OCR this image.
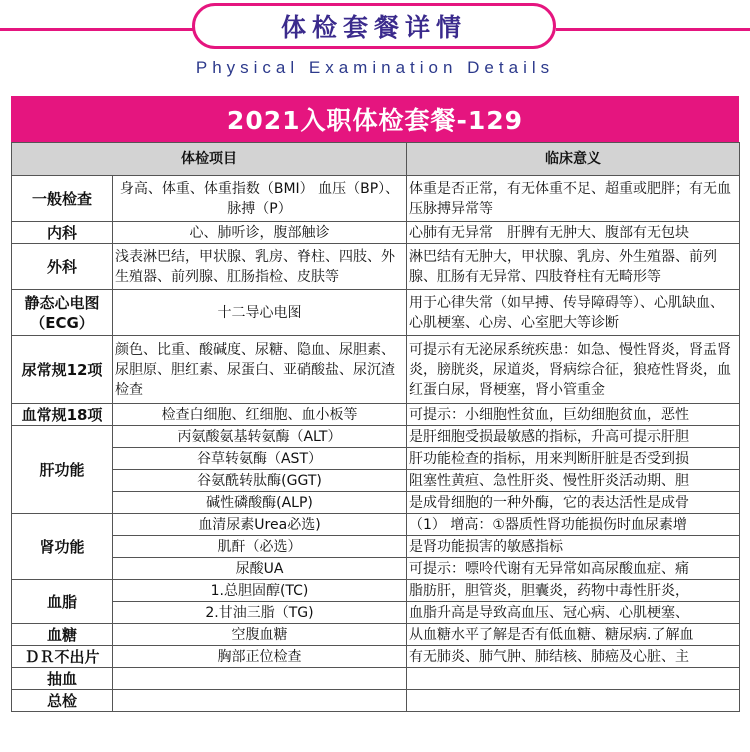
体检套餐详情
Physical Examination Details
2021入职体检套餐-129
体检项目		临床意义
一般检查	身高、体重、体重指数（BMI） 血压（BP）、脉搏（P）	体重是否正常，有无体重不足、超重或肥胖；有无血压脉搏异常等
内科	心、肺听诊，腹部触诊	心肺有无异常　肝脾有无肿大、腹部有无包块
外科	浅表淋巴结，甲状腺、乳房、脊柱、四肢、外生殖器、前列腺、肛肠指检、皮肤等	淋巴结有无肿大，甲状腺、乳房、外生殖器、前列腺、肛肠有无异常、四肢脊柱有无畸形等
静态心电图（ECG）	十二导心电图	用于心律失常（如早搏、传导障碍等）、心肌缺血、心肌梗塞、心房、心室肥大等诊断
尿常规12项	颜色、比重、酸碱度、尿糖、隐血、尿胆素、尿胆原、胆红素、尿蛋白、亚硝酸盐、尿沉渣检查	可提示有无泌尿系统疾患：如急、慢性肾炎，肾盂肾炎，膀胱炎，尿道炎，肾病综合征，狼疮性肾炎，血红蛋白尿，肾梗塞，肾小管重金
血常规18项	检查白细胞、红细胞、血小板等	可提示：小细胞性贫血，巨幼细胞贫血，恶性
肝功能	丙氨酸氨基转氨酶（ALT）	是肝细胞受损最敏感的指标，升高可提示肝胆
	谷草转氨酶（AST）	肝功能检查的指标，用来判断肝脏是否受到损
	谷氨酰转肽酶(GGT)	阻塞性黄疸、急性肝炎、慢性肝炎活动期、胆
	碱性磷酸酶(ALP)	是成骨细胞的一种外酶，它的表达活性是成骨
肾功能	血清尿素Urea必选)	（1） 增高：①器质性肾功能损伤时血尿素增
	肌酐（必选）	是肾功能损害的敏感指标
	尿酸UA	可提示：嘌呤代谢有无异常如高尿酸血症、痛
血脂	1.总胆固醇(TC)	脂肪肝，胆管炎，胆囊炎，药物中毒性肝炎，
	2.甘油三脂（TG)	血脂升高是导致高血压、冠心病、心肌梗塞、
血糖	空腹血糖	从血糖水平了解是否有低血糖、糖尿病.了解血
ＤＲ不出片	胸部正位检查	有无肺炎、肺气肿、肺结核、肺癌及心脏、主
抽血		
总检		
